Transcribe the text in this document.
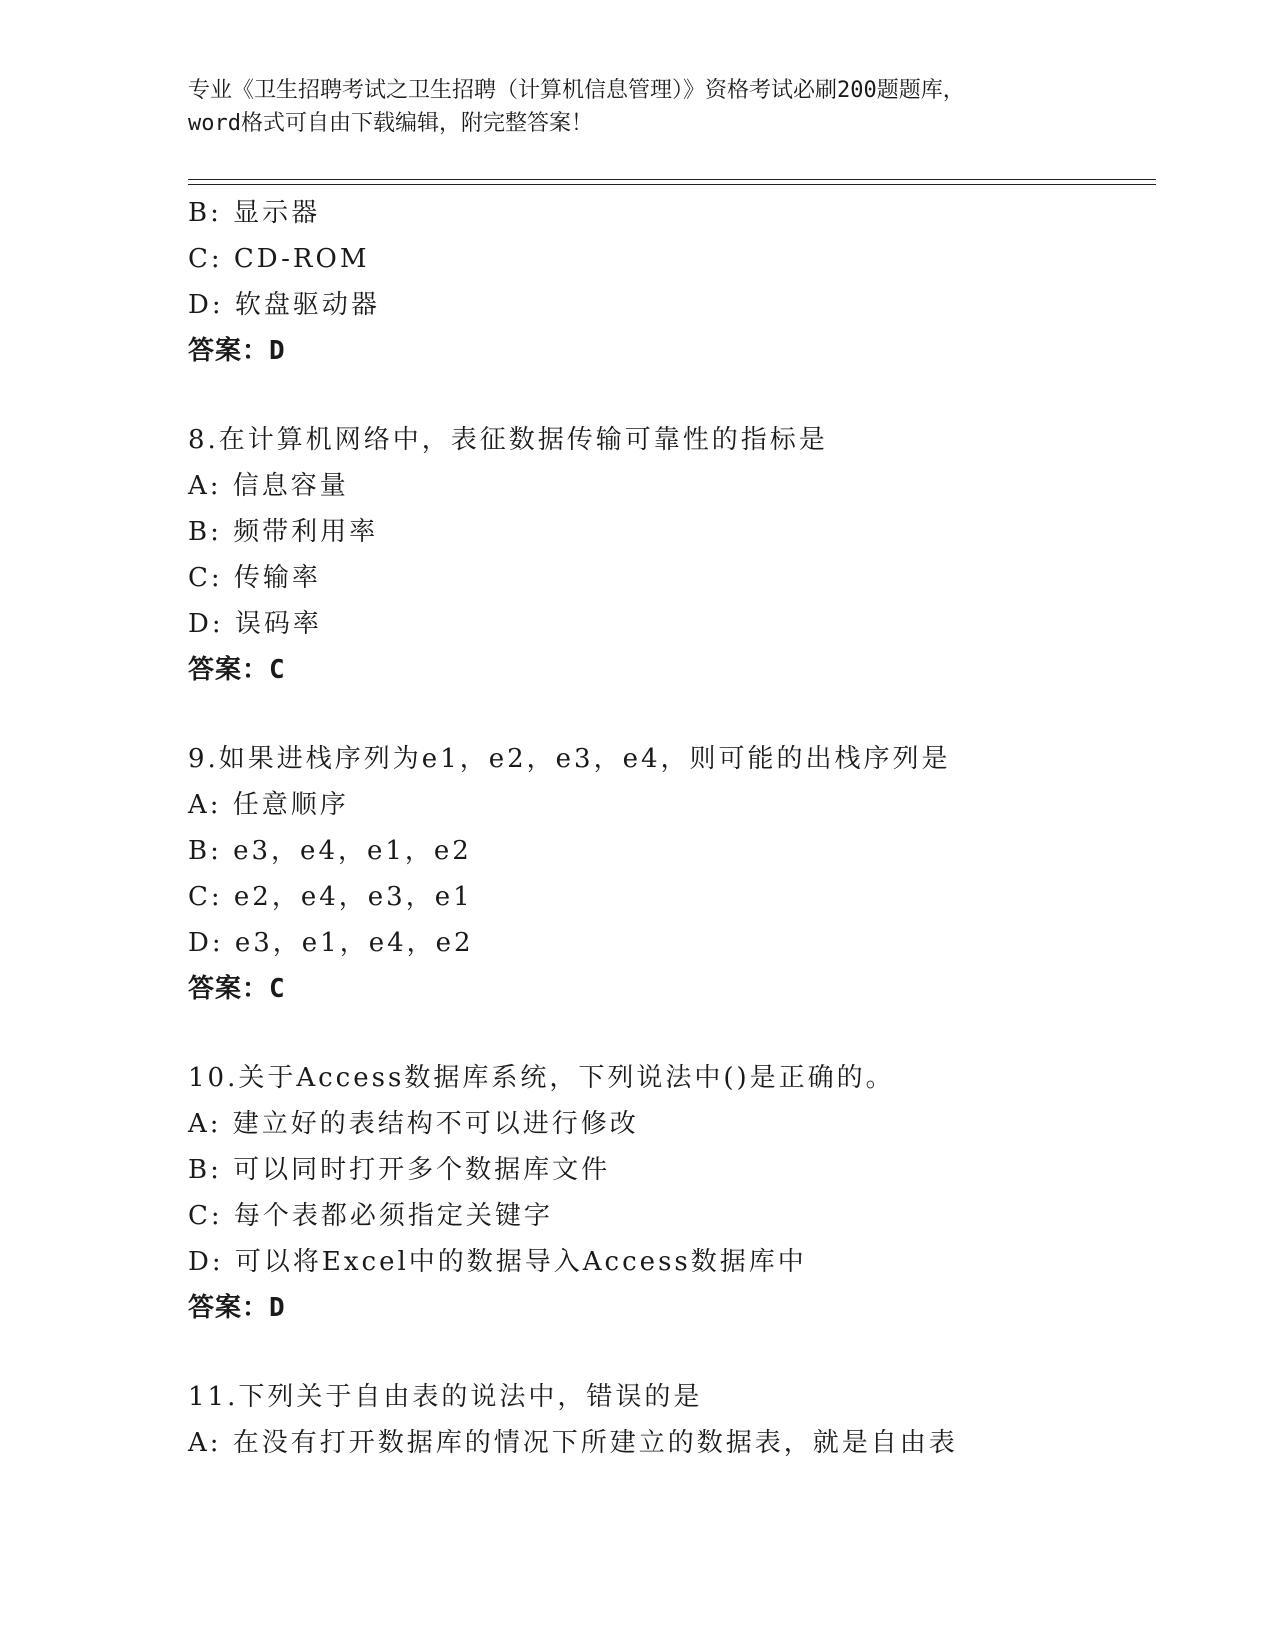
专业《卫生招聘考试之卫生招聘（计算机信息管理）》资格考试必刷200题题库，
word格式可自由下载编辑，附完整答案！
B: 显示器
C: CD-ROM
D: 软盘驱动器
答案：D
8.在计算机网络中，表征数据传输可靠性的指标是
A: 信息容量
B: 频带利用率
C: 传输率
D: 误码率
答案：C
9.如果进栈序列为e1，e2，e3，e4，则可能的出栈序列是
A: 任意顺序
B: e3，e4，e1，e2
C: e2，e4，e3，e1
D: e3，e1，e4，e2
答案：C
10.关于Access数据库系统，下列说法中()是正确的。
A: 建立好的表结构不可以进行修改
B: 可以同时打开多个数据库文件
C: 每个表都必须指定关键字
D: 可以将Excel中的数据导入Access数据库中
答案：D
11.下列关于自由表的说法中，错误的是
A: 在没有打开数据库的情况下所建立的数据表，就是自由表
